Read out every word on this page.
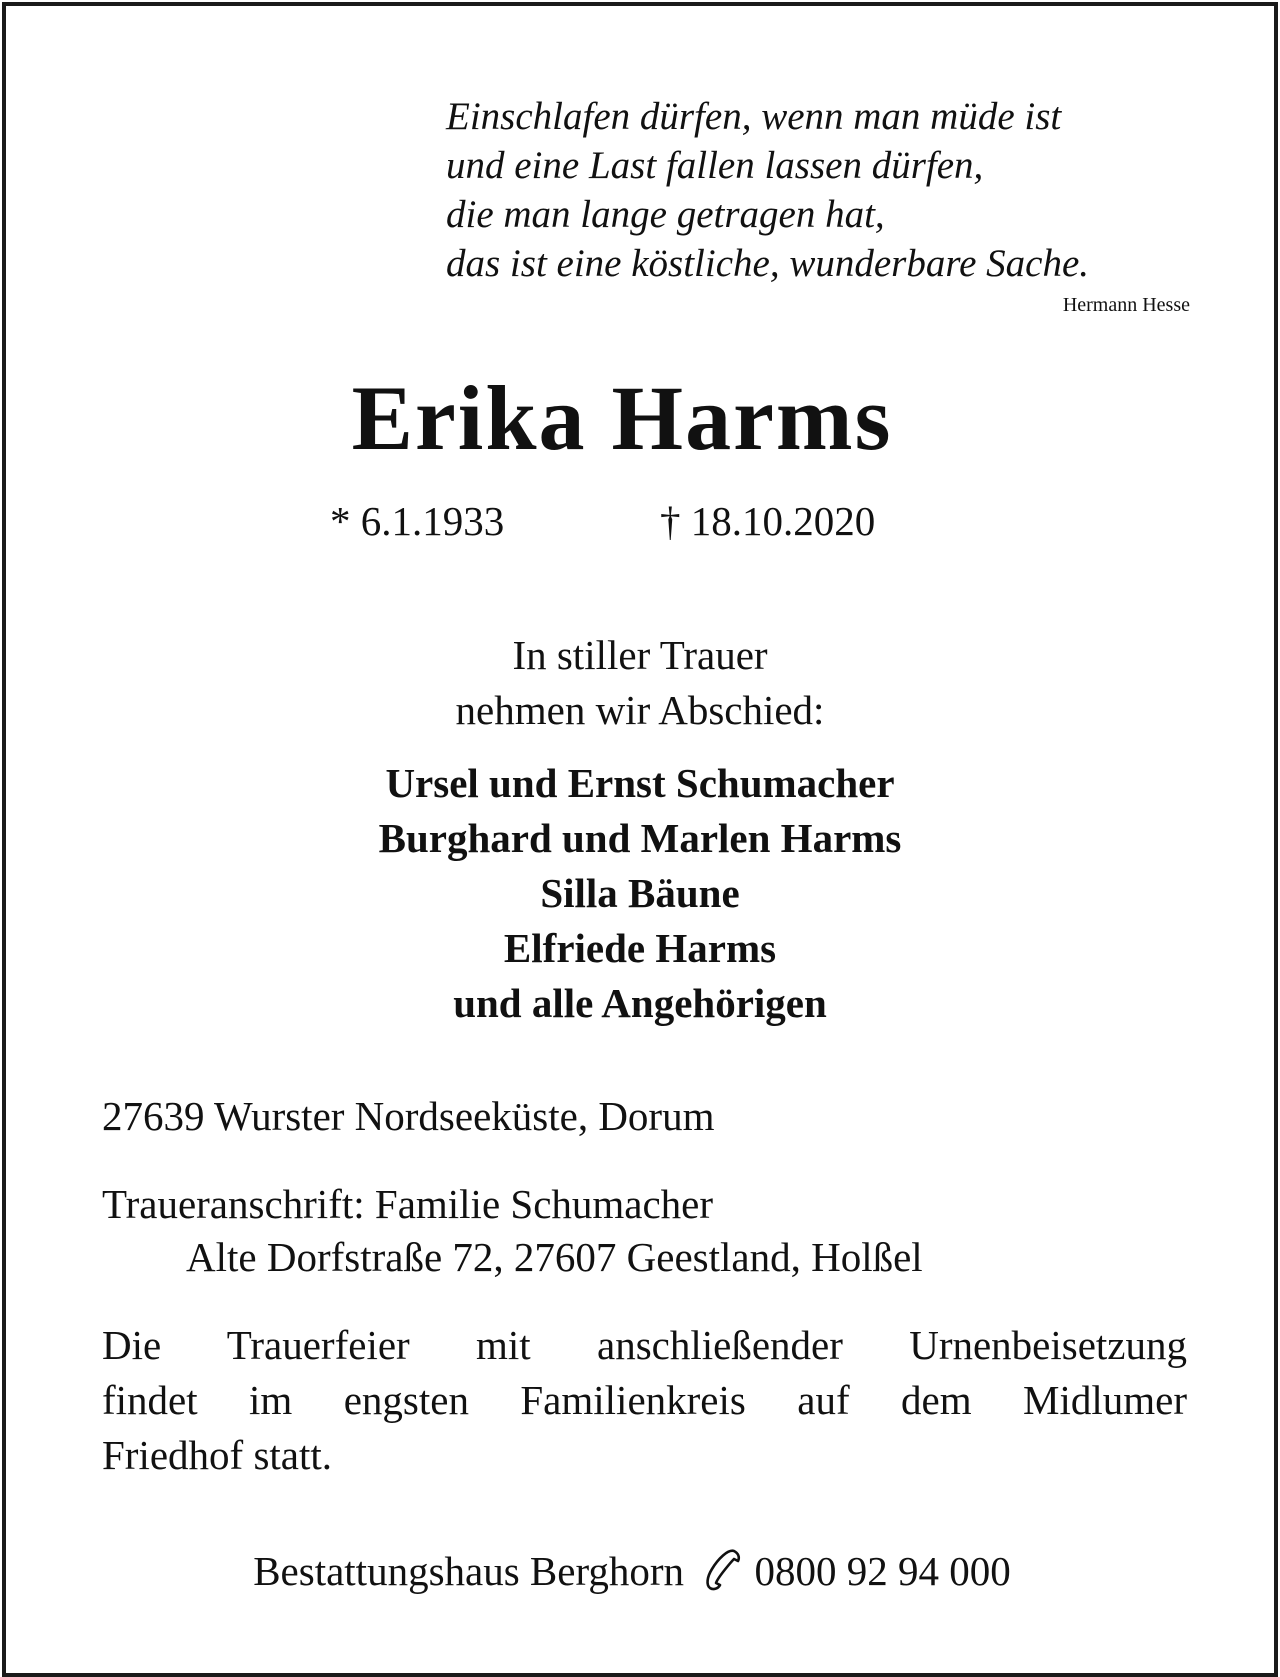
Einschlafen dürfen, wenn man müde ist
und eine Last fallen lassen dürfen,
die man lange getragen hat,
das ist eine köstliche, wunderbare Sache.
Hermann Hesse
Erika Harms
* 6.1.1933	† 18.10.2020
In stiller Trauer
nehmen wir Abschied:
Ursel und Ernst Schumacher
Burghard und Marlen Harms
Silla Bäune
Elfriede Harms
und alle Angehörigen
27639 Wurster Nordseeküste, Dorum
Traueranschrift: Familie Schumacher
Alte Dorfstraße 72, 27607 Geestland, Holßel
Die Trauerfeier mit anschließender Urnenbeisetzung
findet im engsten Familienkreis auf dem Midlumer
Friedhof statt.
Bestattungshaus Berghorn 0800 92 94 000
